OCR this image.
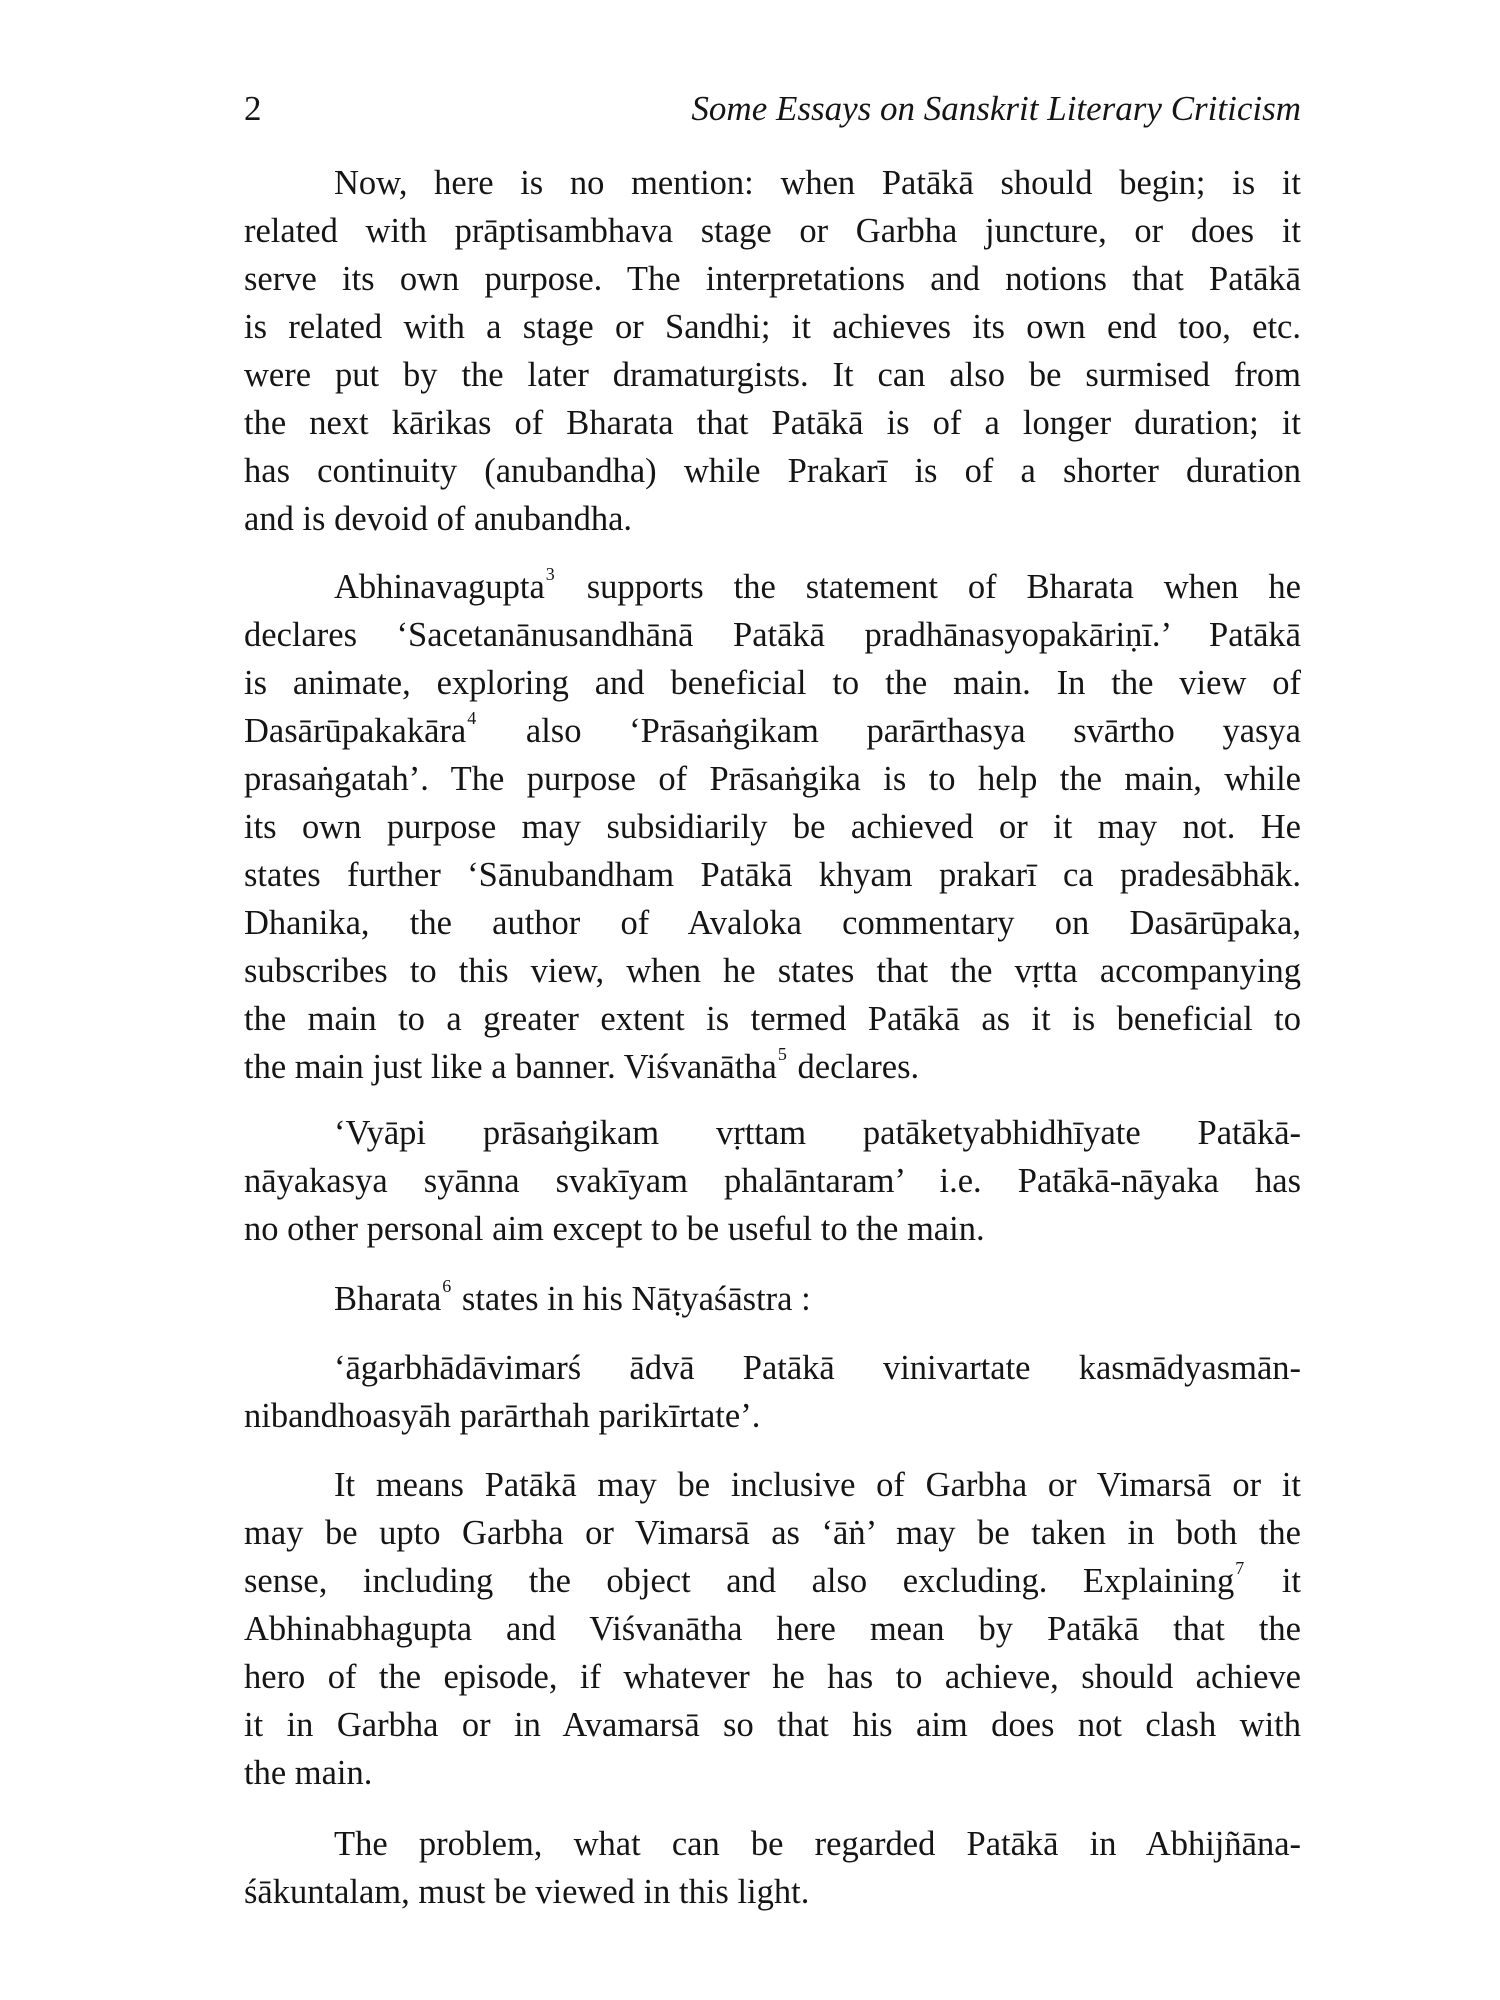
2	Some Essays on Sanskrit Literary Criticism
Now, here is no mention: when Patākā should begin; is it
related with prāptisambhava stage or Garbha juncture, or does it
serve its own purpose. The interpretations and notions that Patākā
is related with a stage or Sandhi; it achieves its own end too, etc.
were put by the later dramaturgists. It can also be surmised from
the next kārikas of Bharata that Patākā is of a longer duration; it
has continuity (anubandha) while Prakarī is of a shorter duration
and is devoid of anubandha.
Abhinavagupta$^3$ supports the statement of Bharata when he
declares ‘Sacetanānusandhānā Patākā pradhānasyopakāriṇī.’ Patākā
is animate, exploring and beneficial to the main. In the view of
Dasārūpakakāra$^4$ also ‘Prāsaṅgikam parārthasya svārtho yasya
prasaṅgatah’. The purpose of Prāsaṅgika is to help the main, while
its own purpose may subsidiarily be achieved or it may not. He
states further ‘Sānubandham Patākā khyam prakarī ca pradesābhāk.
Dhanika, the author of Avaloka commentary on Dasārūpaka,
subscribes to this view, when he states that the vṛtta accompanying
the main to a greater extent is termed Patākā as it is beneficial to
the main just like a banner. Viśvanātha$^5$ declares.
‘Vyāpi prāsaṅgikam vṛttam patāketyabhidhīyate Patākā-
nāyakasya syānna svakīyam phalāntaram’ i.e. Patākā-nāyaka has
no other personal aim except to be useful to the main.
Bharata$^6$ states in his Nāṭyaśāstra :
‘āgarbhādāvimarś ādvā Patākā vinivartate kasmādyasmān-
nibandhoasyāh parārthah parikīrtate’.
It means Patākā may be inclusive of Garbha or Vimarsā or it
may be upto Garbha or Vimarsā as ‘āṅ’ may be taken in both the
sense, including the object and also excluding. Explaining$^7$ it
Abhinabhagupta and Viśvanātha here mean by Patākā that the
hero of the episode, if whatever he has to achieve, should achieve
it in Garbha or in Avamarsā so that his aim does not clash with
the main.
The problem, what can be regarded Patākā in Abhijñāna-
śākuntalam, must be viewed in this light.
